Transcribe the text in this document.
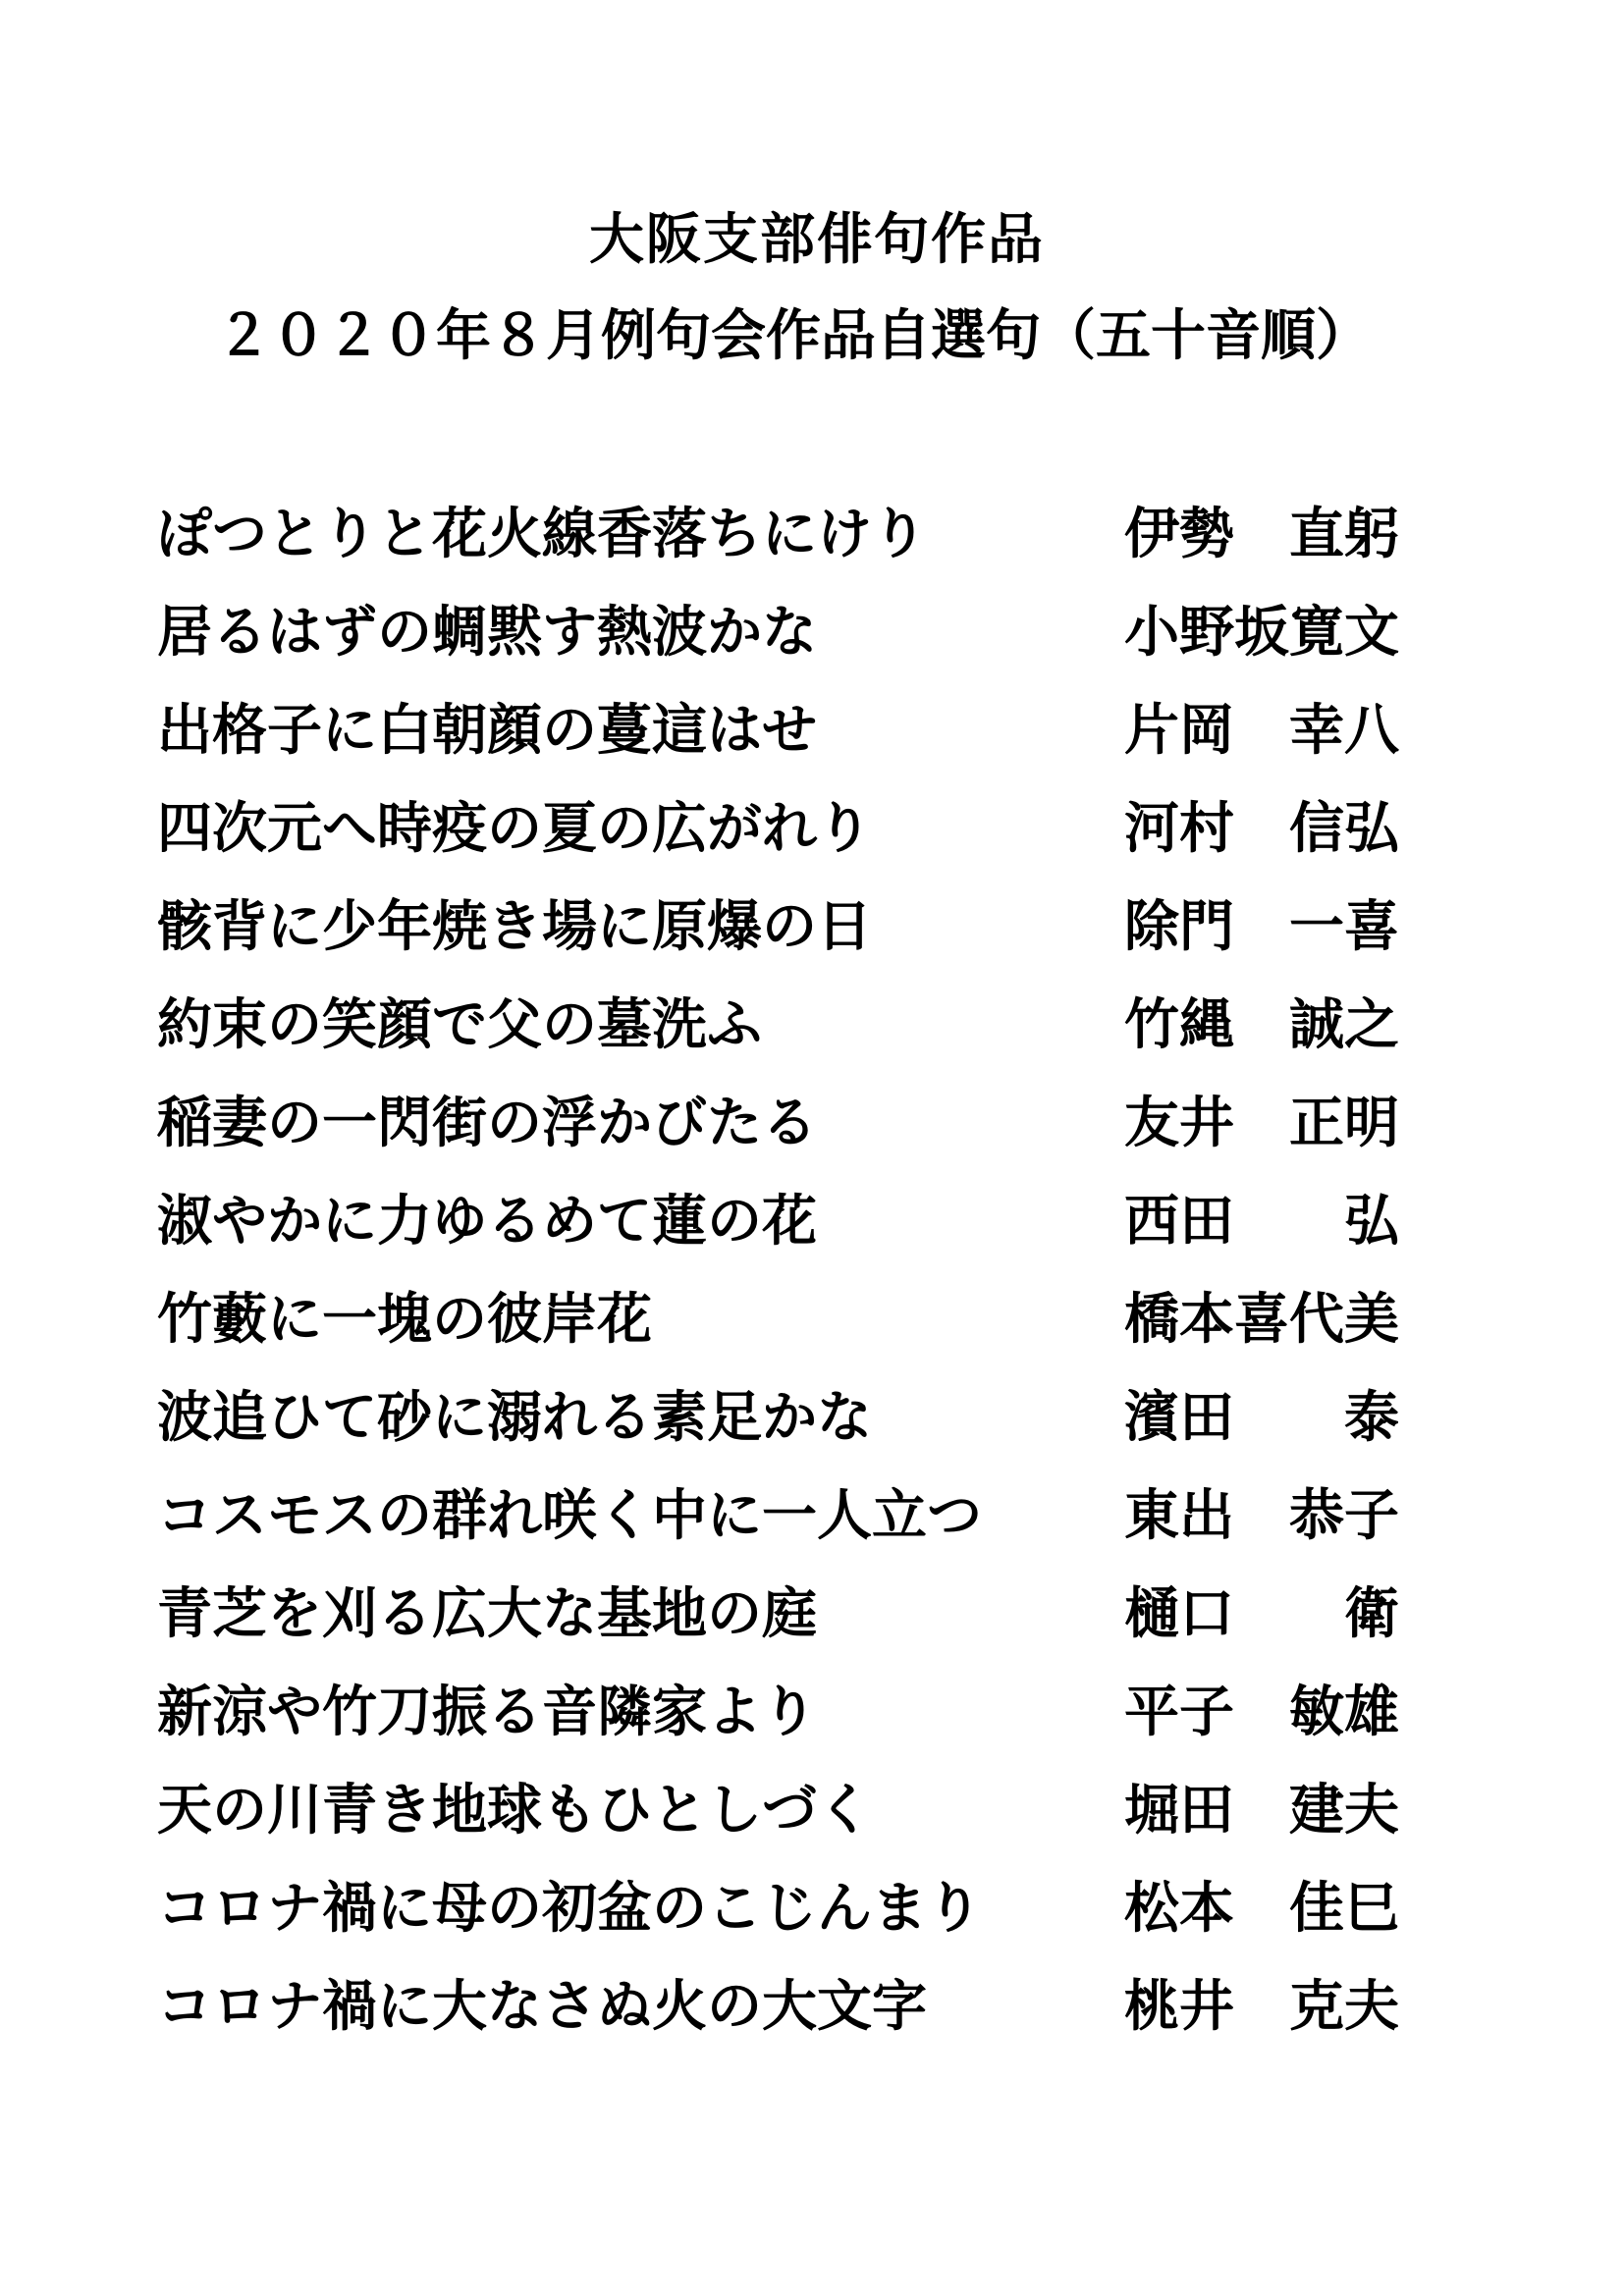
大阪支部俳句作品
２０２０年８月例句会作品自選句（五十音順）
ぽつとりと花火線香落ちにけり	伊勢　直躬
居るはずの蜩黙す熱波かな	小野坂寛文
出格子に白朝顔の蔓這はせ	片岡　幸八
四次元へ時疫の夏の広がれり	河村　信弘
骸背に少年焼き場に原爆の日	除門　一喜
約束の笑顔で父の墓洗ふ	竹縄　誠之
稲妻の一閃街の浮かびたる	友井　正明
淑やかに力ゆるめて蓮の花	西田　　弘
竹藪に一塊の彼岸花	橋本喜代美
波追ひて砂に溺れる素足かな	濱田　　泰
コスモスの群れ咲く中に一人立つ	東出　恭子
青芝を刈る広大な基地の庭	樋口　　衛
新涼や竹刀振る音隣家より	平子　敏雄
天の川青き地球もひとしづく	堀田　建夫
コロナ禍に母の初盆のこじんまり	松本　佳巳
コロナ禍に大なさぬ火の大文字	桃井　克夫
